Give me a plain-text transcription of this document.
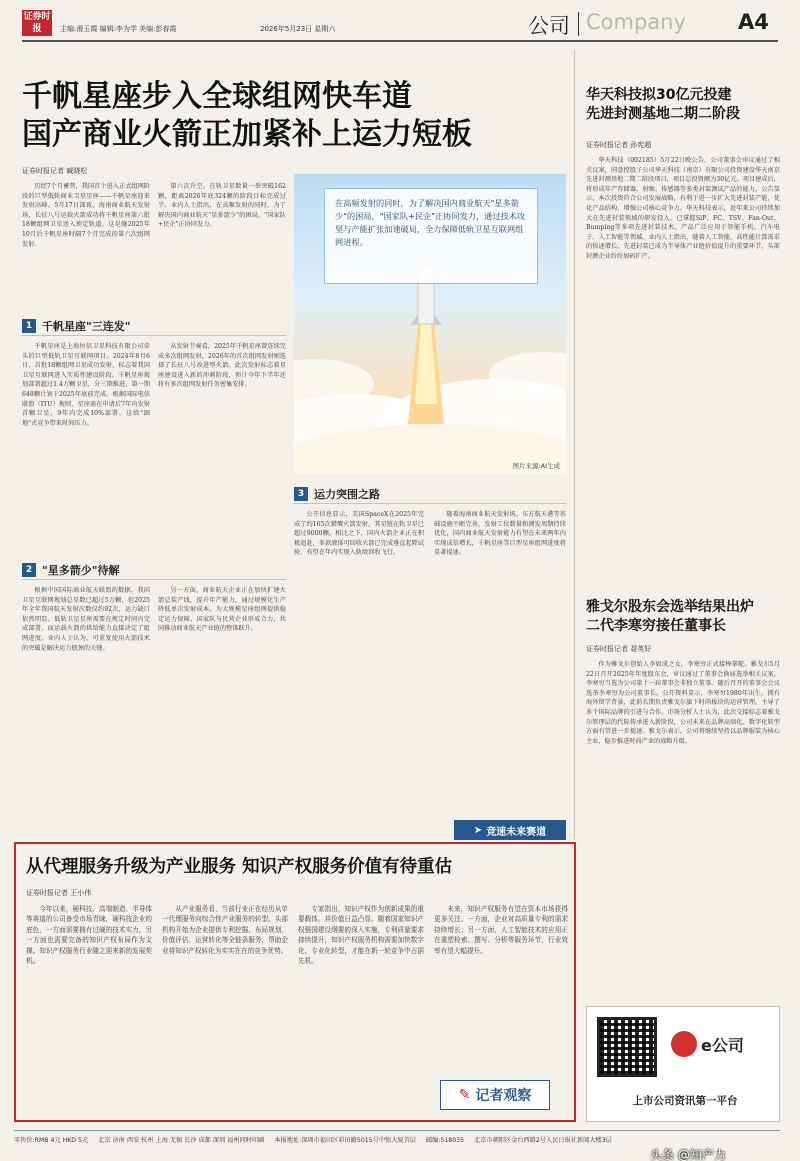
证券时报	主编:滑玉霞 编辑:李为学 美编:彭春霞	2026年5月23日 星期六	公司 Company A4
千帆星座步入全球组网快车道
国产商业火箭正加紧补上运力短板
证券时报记者 臧晓松

历经7个月蓄势，我国首个进入正式组网阶段的巨型低轨商业卫星星座——千帆星座迎来发射高峰。5月17日深夜，海南商业航天发射场，长征八号运载火箭成功将千帆星座第六批18颗组网卫星送入预定轨道。这是继2025年10月后千帆星座时隔7个月完成的第六次组网发射。

第六次升空。在轨卫星数量一举突破162颗，距离2026年底324颗的阶段目标完成过半。业内人士指出，在高频发射的同时，为了解决国内商业航天"星多箭少"的困局，"国家队+民企"正协同发力。

在高频发射的同时，为了解决国内商业航天"星多箭少"的困局，"国家队+民企"正协同发力，通过技术攻坚与产能扩张加速破局，全力保障低轨卫星互联网组网进程。
图片来源:AI生成
1 千帆星座"三连发"

千帆星座是上海垣信卫星科技有限公司牵头的巨型低轨卫星互联网项目。2024年8月6日，首批18颗组网卫星成功发射，标志着我国卫星互联网进入实质性建设阶段。千帆星座规划部署超过1.4万颗卫星，分三期推进，第一期648颗计划于2025年底前完成。根据国际电信联盟（ITU）规则，星座需在申请后7年内发射首颗卫星，9年内完成10%部署，这给"圈地"式竞争带来时间压力。

从发射节奏看，2025年千帆星座曾连续完成多次组网发射，2026年的首次组网发射则选择了长征八号改进型火箭。此次发射标志着星座建设进入新的冲刺阶段，预计今年下半年还将有多次组网发射任务密集安排。

2 "星多箭少"待解

根据中国国际商业航天联盟的数据，我国卫星互联网规划总星数已超过5万颗，但2025年全年我国航天发射次数仅约92次，运力缺口依然明显。低轨卫星星座需要在规定时间内完成部署，而运载火箭的供给能力直接决定了组网进度。业内人士认为，可重复使用火箭技术的突破是解决运力瓶颈的关键。

另一方面，商业航天企业正在加快扩建火箭总装产线，提升年产能力，通过规模化生产降低单次发射成本，为大规模星座组网提供稳定运力保障。国家队与民营企业形成合力，共同推动商业航天产业链的整体跃升。

3 运力突围之路

公开信息显示，美国SpaceX在2025年完成了约165次猎鹰火箭发射，其星链在轨卫星已超过9000颗。相比之下，国内火箭企业正在积极追赶，多款液体可回收火箭已完成垂直起降试验，有望在年内实现入轨级回收飞行。

随着海南商业航天发射场、东方航天港等基础设施不断完善，发射工位数量和测发周期持续优化，国内商业航天发射能力有望在未来两年内实现成倍增长，千帆星座等巨型星座组网进度将显著提速。

➤ 竞速未来赛道
华天科技拟30亿元投建
先进封测基地二期二阶段
证券时报记者 孙宪超

华天科技（002185）5月22日晚公告，公司董事会审议通过了相关议案，同意控股子公司华天科技（南京）有限公司投资建设华天南京先进封测基地二期二阶段项目，项目总投资额为30亿元。项目建成后，将形成年产存储器、射频、传感器等多类封装测试产品的能力。公告显示，本次投资符合公司发展战略，有利于进一步扩大先进封装产能，优化产品结构，增强公司核心竞争力。华天科技表示，近年来公司持续加大在先进封装领域的研发投入，已掌握SiP、FC、TSV、Fan-Out、Bumping等多项先进封装技术，产品广泛应用于智能手机、汽车电子、人工智能等领域。业内人士指出，随着人工智能、高性能计算需求的快速增长，先进封装已成为半导体产业链价值提升的重要环节，头部封测企业纷纷加码扩产。

雅戈尔股东会选举结果出炉
二代李寒穷接任董事长
证券时报记者 聂英好

作为雅戈尔创始人李如成之女，李寒穷正式接棒掌舵。雅戈尔5月22日召开2025年年度股东会，审议通过了董事会换届选举相关议案，李寒穷当选为公司第十一届董事会非独立董事。随后召开的董事会会议选举李寒穷为公司董事长。公开资料显示，李寒穷1980年出生，拥有海外留学背景，此前长期负责雅戈尔旗下时尚板块的运营管理，主导了多个国际品牌的引进与合作。市场分析人士认为，此次交接标志着雅戈尔管理层的代际传承进入新阶段，公司未来在品牌高端化、数字化转型方面有望进一步提速。雅戈尔表示，公司将继续坚持以品牌服装为核心主业，稳步推进时尚产业的战略升级。

从代理服务升级为产业服务 知识产权服务价值有待重估
证券时报记者 王小伟

今年以来，硬科技、高端制造、半导体等赛道的公司备受市场青睐，硬科技企业的底色，一方面需要拥有过硬的技术实力，另一方面也需要完备的知识产权布局作为支撑。知识产权服务行业随之迎来新的发展契机。

从产业服务看，当前行业正在经历从单一代理服务向综合性产业服务的转型。头部机构开始为企业提供专利挖掘、布局规划、价值评估、运营转化等全链条服务，帮助企业将知识产权转化为实实在在的竞争优势。

专家指出，知识产权作为创新成果的重要载体，其价值日益凸显。随着国家知识产权强国建设纲要的深入实施，专利质量要求持续提升，知识产权服务机构需要加快数字化、专业化转型，才能在新一轮竞争中占据先机。

未来，知识产权服务有望在资本市场获得更多关注。一方面，企业对高质量专利的需求持续增长；另一方面，人工智能技术的应用正在重塑检索、撰写、分析等服务环节，行业效率有望大幅提升。

✎ 记者观察
e公司
上市公司资讯第一平台
零售价:RMB 4元 HKD 5元 北京 济南 西安 杭州 上海 无锡 长沙 成都 深圳 福州同时印刷 本报地址:深圳市福田区彩田路5015号中银大厦首层 邮编:518035 北京市朝阳区金台西路2号人民日报社新闻大楼3层
头条 @知产力
